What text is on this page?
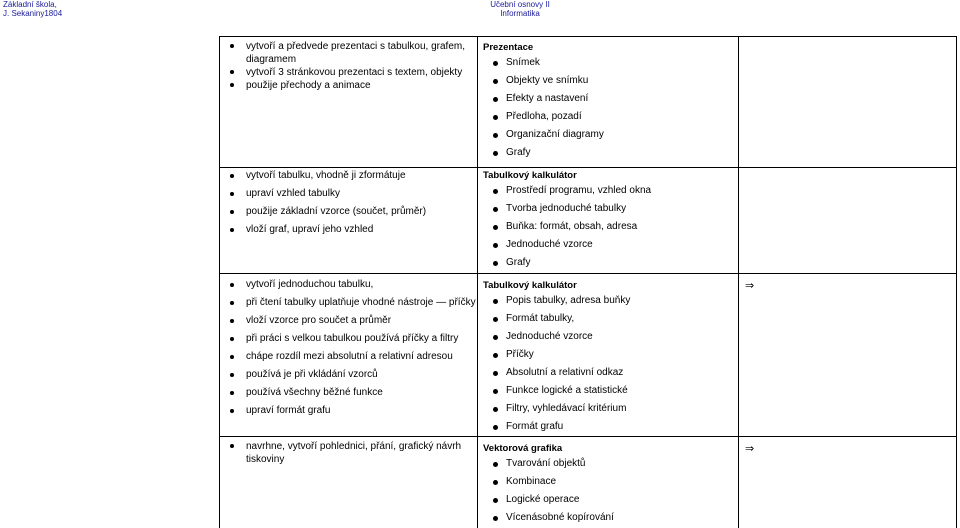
Základní škola,
J. Sekaniny1804
Učební osnovy II
Informatika
vytvoří a předvede prezentaci s tabulkou, grafem, diagramem
vytvoří 3 stránkovou prezentaci s textem, objekty
použije přechody a animace
Prezentace
Snímek
Objekty ve snímku
Efekty a nastavení
Předloha, pozadí
Organizační diagramy
Grafy
vytvoří tabulku, vhodně ji zformátuje
upraví vzhled tabulky
použije základní vzorce (součet, průměr)
vloží graf, upraví jeho vzhled
Tabulkový kalkulátor
Prostředí programu, vzhled okna
Tvorba jednoduché tabulky
Buňka: formát, obsah, adresa
Jednoduché vzorce
Grafy
vytvoří jednoduchou tabulku,
při čtení tabulky uplatňuje vhodné nástroje — příčky
vloží vzorce pro součet a průměr
při práci s velkou tabulkou používá příčky a filtry
chápe rozdíl mezi absolutní a relativní adresou
používá je při vkládání vzorců
používá všechny běžné funkce
upraví formát grafu
Tabulkový kalkulátor
Popis tabulky, adresa buňky
Formát tabulky,
Jednoduché vzorce
Příčky
Absolutní a relativní odkaz
Funkce logické a statistické
Filtry, vyhledávací kritérium
Formát grafu
⇒
navrhne, vytvoří pohlednici, přání, grafický návrh tiskoviny
Vektorová grafika
Tvarování objektů
Kombinace
Logické operace
Vícenásobné kopírování
⇒
